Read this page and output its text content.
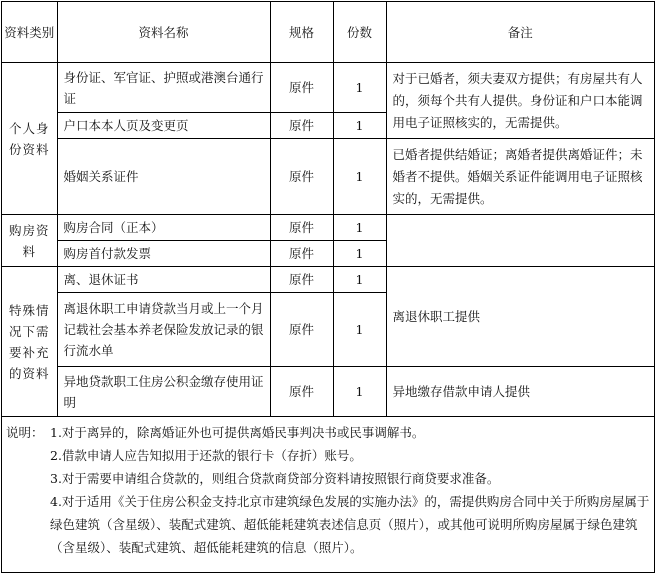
资料类别	资料名称	规格	份数	备注
个人身份资料	身份证、军官证、护照或港澳台通行证	原件	1	对于已婚者，须夫妻双方提供；有房屋共有人的，须每个共有人提供。身份证和户口本能调用电子证照核实的，无需提供。
	户口本本人页及变更页	原件	1	
	婚姻关系证件	原件	1	已婚者提供结婚证；离婚者提供离婚证件；未婚者不提供。婚姻关系证件能调用电子证照核实的，无需提供。
购房资料	购房合同（正本）	原件	1	
	购房首付款发票	原件	1	
特殊情况下需要补充的资料	离、退休证书	原件	1	离退休职工提供
	离退休职工申请贷款当月或上一个月记载社会基本养老保险发放记录的银行流水单	原件	1	
	异地贷款职工住房公积金缴存使用证明	原件	1	异地缴存借款申请人提供
说明： 1.对于离异的，除离婚证外也可提供离婚民事判决书或民事调解书。
2.借款申请人应告知拟用于还款的银行卡（存折）账号。
3.对于需要申请组合贷款的，则组合贷款商贷部分资料请按照银行商贷要求准备。
4.对于适用《关于住房公积金支持北京市建筑绿色发展的实施办法》的，需提供购房合同中关于所购房屋属于绿色建筑（含星级）、装配式建筑、超低能耗建筑表述信息页（照片），或其他可说明所购房屋属于绿色建筑（含星级）、装配式建筑、超低能耗建筑的信息（照片）。
